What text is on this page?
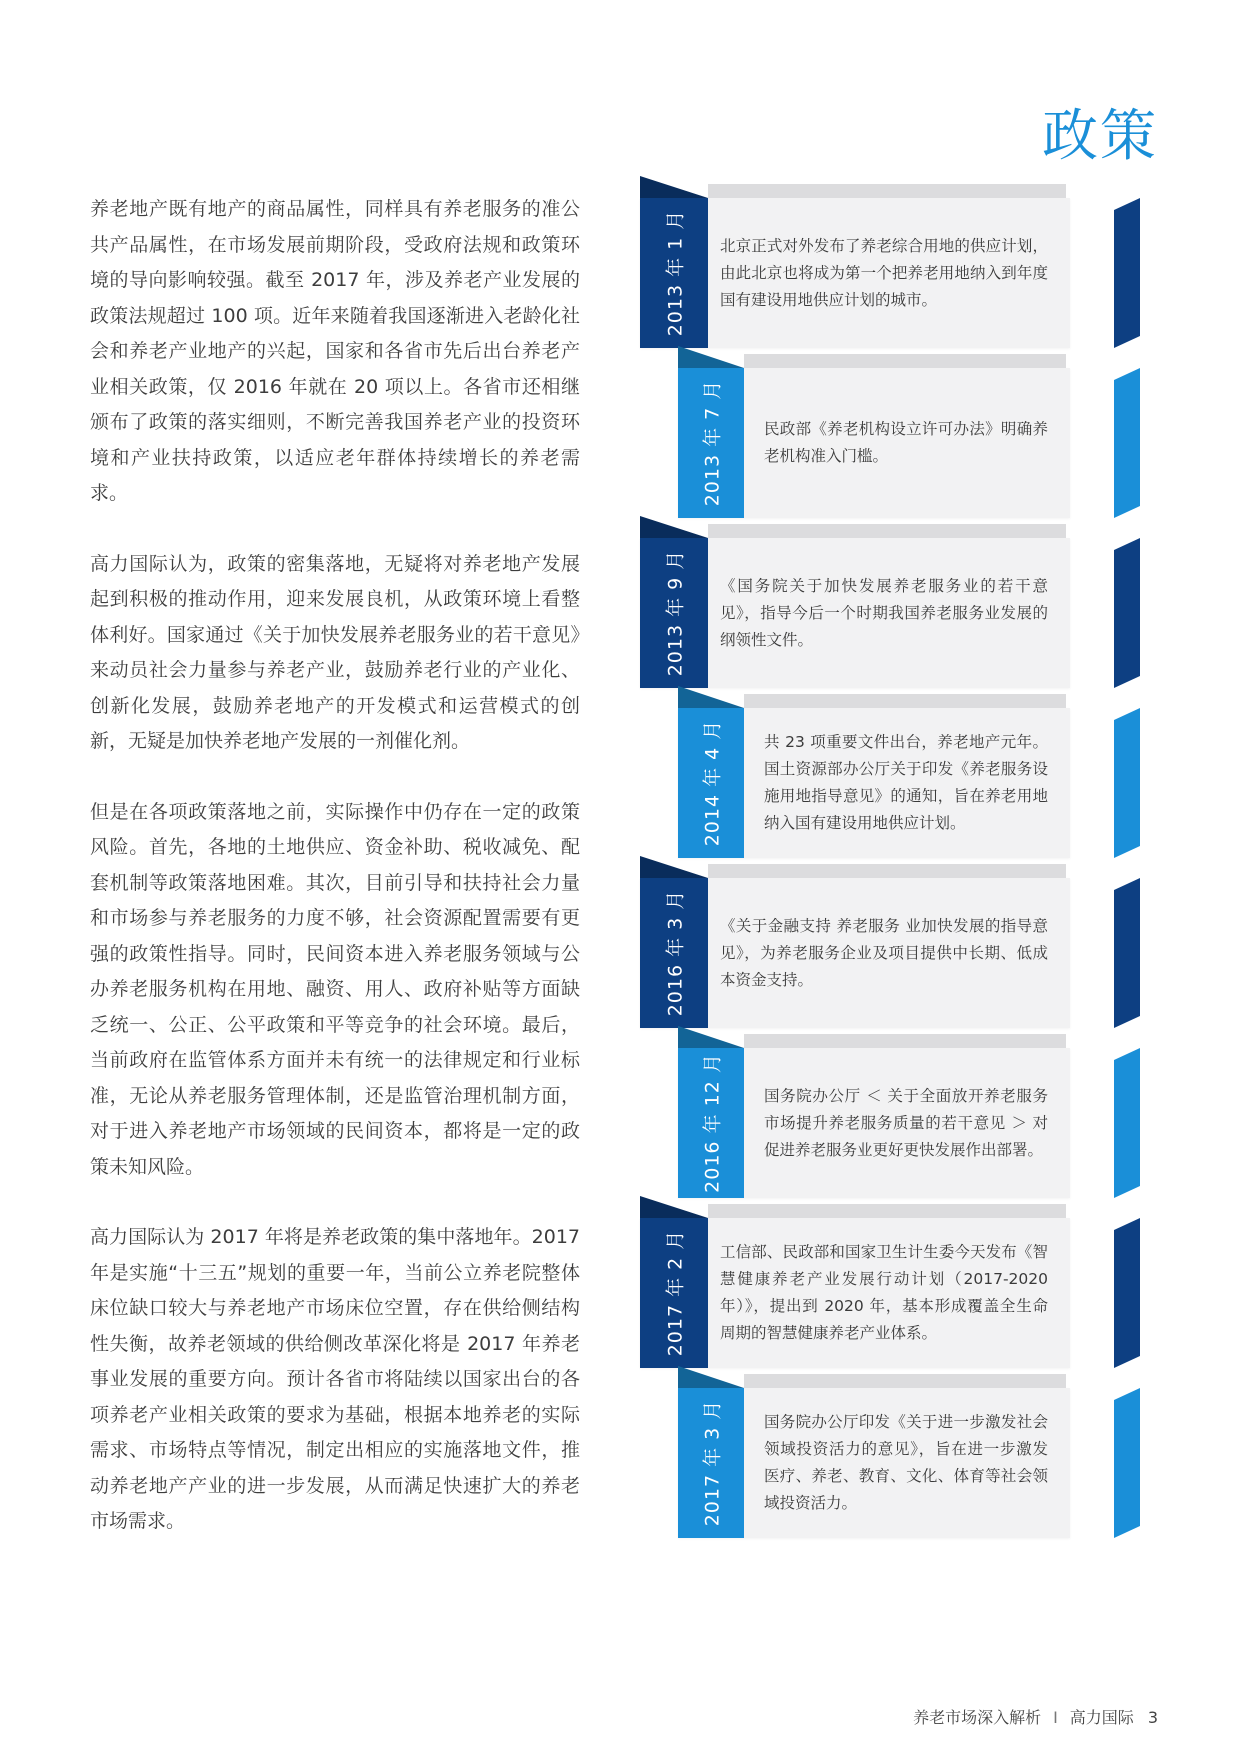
政策

养老地产既有地产的商品属性，同样具有养老服务的准公共产品属性，在市场发展前期阶段，受政府法规和政策环境的导向影响较强。截至 2017 年，涉及养老产业发展的政策法规超过 100 项。近年来随着我国逐渐进入老龄化社会和养老产业地产的兴起，国家和各省市先后出台养老产业相关政策，仅 2016 年就在 20 项以上。各省市还相继颁布了政策的落实细则，不断完善我国养老产业的投资环境和产业扶持政策，以适应老年群体持续增长的养老需求。

高力国际认为，政策的密集落地，无疑将对养老地产发展起到积极的推动作用，迎来发展良机，从政策环境上看整体利好。国家通过《关于加快发展养老服务业的若干意见》来动员社会力量参与养老产业，鼓励养老行业的产业化、创新化发展，鼓励养老地产的开发模式和运营模式的创新，无疑是加快养老地产发展的一剂催化剂。

但是在各项政策落地之前，实际操作中仍存在一定的政策风险。首先，各地的土地供应、资金补助、税收减免、配套机制等政策落地困难。其次，目前引导和扶持社会力量和市场参与养老服务的力度不够，社会资源配置需要有更强的政策性指导。同时，民间资本进入养老服务领域与公办养老服务机构在用地、融资、用人、政府补贴等方面缺乏统一、公正、公平政策和平等竞争的社会环境。最后，当前政府在监管体系方面并未有统一的法律规定和行业标准，无论从养老服务管理体制，还是监管治理机制方面，对于进入养老地产市场领域的民间资本，都将是一定的政策未知风险。

高力国际认为 2017 年将是养老政策的集中落地年。2017 年是实施“十三五”规划的重要一年，当前公立养老院整体床位缺口较大与养老地产市场床位空置，存在供给侧结构性失衡，故养老领域的供给侧改革深化将是 2017 年养老事业发展的重要方向。预计各省市将陆续以国家出台的各项养老产业相关政策的要求为基础，根据本地养老的实际需求、市场特点等情况，制定出相应的实施落地文件，推动养老地产产业的进一步发展，从而满足快速扩大的养老市场需求。

2013 年 1 月 北京正式对外发布了养老综合用地的供应计划，由此北京也将成为第一个把养老用地纳入到年度国有建设用地供应计划的城市。
2013 年 7 月	民政部《养老机构设立许可办法》明确养老机构准入门槛。
2013 年 9 月 《国务院关于加快发展养老服务业的若干意见》，指导今后一个时期我国养老服务业发展的纲领性文件。
2014 年 4 月	共 23 项重要文件出台，养老地产元年。国土资源部办公厅关于印发《养老服务设施用地指导意见》的通知，旨在养老用地纳入国有建设用地供应计划。
2016 年 3 月 《关于金融支持 养老服务 业加快发展的指导意见》，为养老服务企业及项目提供中长期、低成本资金支持。
2016 年 12 月	国务院办公厅 ＜ 关于全面放开养老服务市场提升养老服务质量的若干意见 ＞ 对促进养老服务业更好更快发展作出部署。
2017 年 2 月 工信部、民政部和国家卫生计生委今天发布《智慧健康养老产业发展行动计划（2017-2020 年）》，提出到 2020 年，基本形成覆盖全生命周期的智慧健康养老产业体系。
2017 年 3 月	国务院办公厅印发《关于进一步激发社会领域投资活力的意见》，旨在进一步激发医疗、养老、教育、文化、体育等社会领域投资活力。
养老市场深入解析 I 高力国际 3
